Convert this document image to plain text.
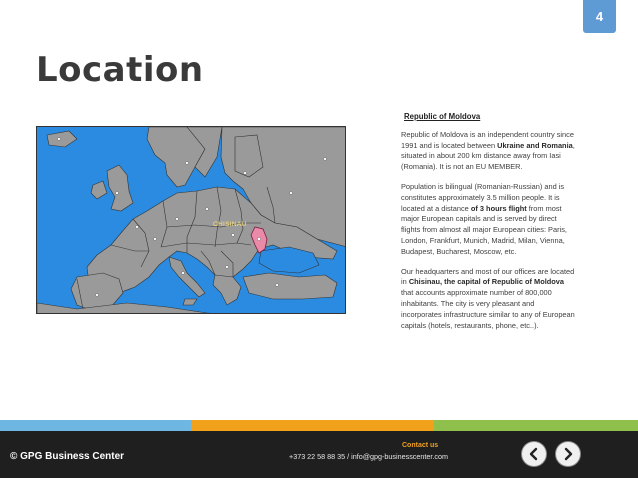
4
Location
CHISINAU
Republic of Moldova

Republic of Moldova is an independent country since 1991 and is located between Ukraine and Romania, situated in about 200 km distance away from Iasi (Romania). It is not an EU MEMBER.

Population is bilingual (Romanian-Russian) and is constitutes approximately 3.5 million people. It is located at a distance of 3 hours flight from most major European capitals and is served by direct flights from almost all major European cities: Paris, London, Frankfurt, Munich, Madrid, Milan, Vienna, Budapest, Bucharest, Moscow, etc.

Our headquarters and most of our offices are located in Chisinau, the capital of Republic of Moldova that accounts approximate number of 800,000 inhabitants. The city is very pleasant and incorporates infrastructure similar to any of European capitals (hotels, restaurants, phone, etc..).

© GPG Business Center
Contact us
+373 22 58 88 35 / info@gpg-businesscenter.com
